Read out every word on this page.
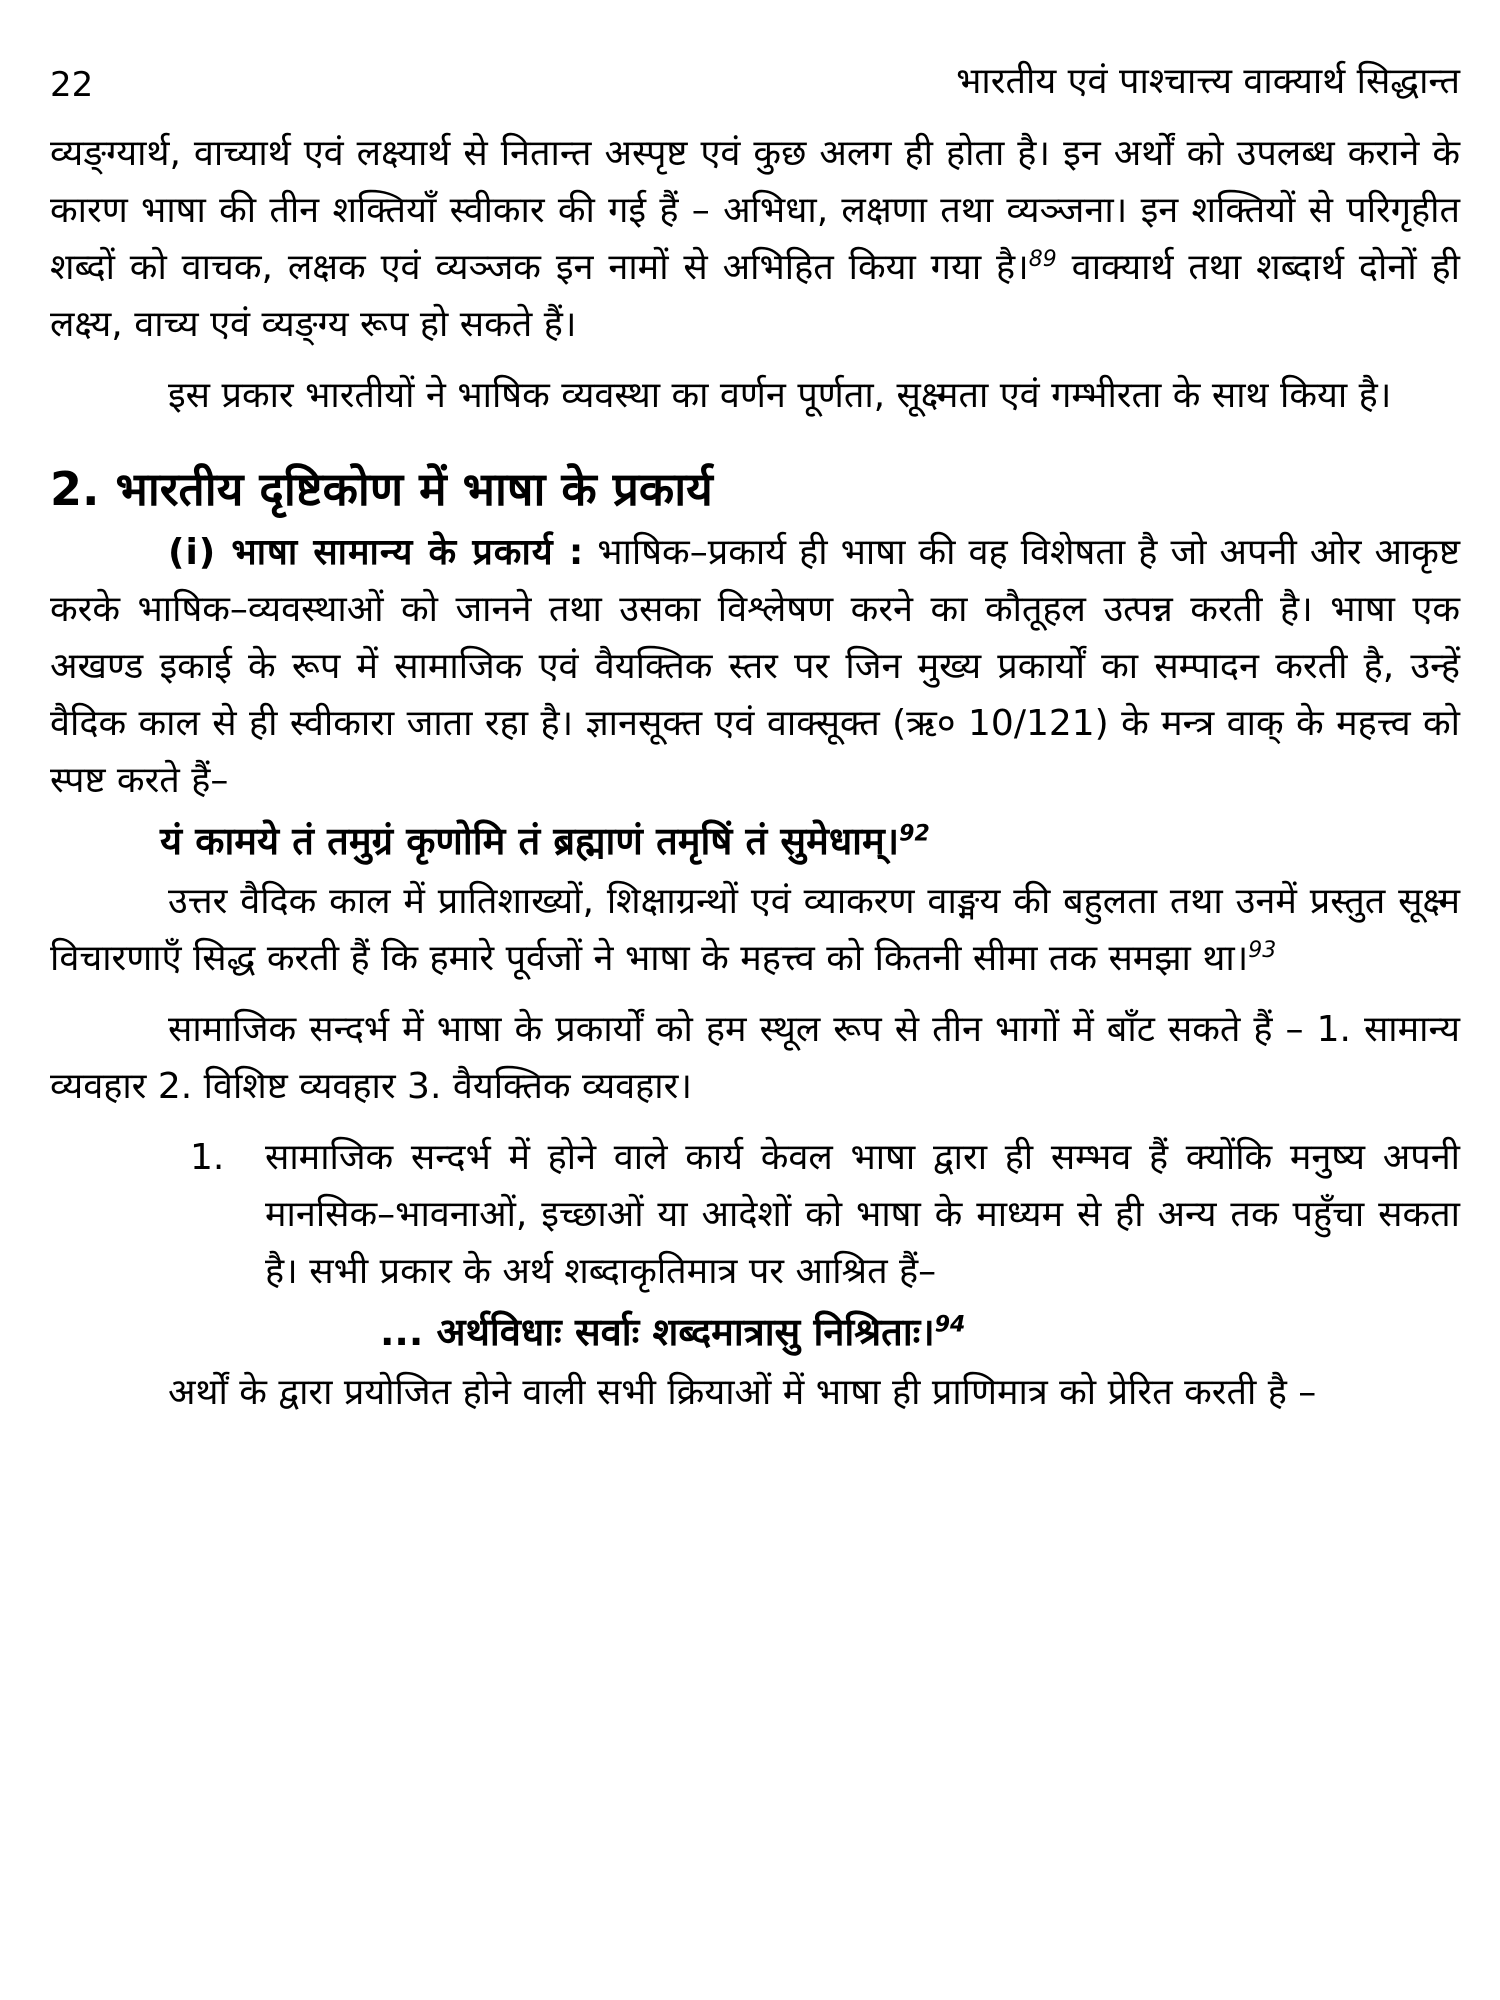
22	भारतीय एवं पाश्चात्त्य वाक्यार्थ सिद्धान्त

व्यङ्ग्यार्थ, वाच्यार्थ एवं लक्ष्यार्थ से नितान्त अस्पृष्ट एवं कुछ अलग ही होता है। इन अर्थों को उपलब्ध कराने के कारण भाषा की तीन शक्तियाँ स्वीकार की गई हैं – अभिधा, लक्षणा तथा व्यञ्जना। इन शक्तियों से परिगृहीत शब्दों को वाचक, लक्षक एवं व्यञ्जक इन नामों से अभिहित किया गया है।$^{89}$ वाक्यार्थ तथा शब्दार्थ दोनों ही लक्ष्य, वाच्य एवं व्यङ्ग्य रूप हो सकते हैं।

इस प्रकार भारतीयों ने भाषिक व्यवस्था का वर्णन पूर्णता, सूक्ष्मता एवं गम्भीरता के साथ किया है।

2. भारतीय दृष्टिकोण में भाषा के प्रकार्य

(i) भाषा सामान्य के प्रकार्य : भाषिक–प्रकार्य ही भाषा की वह विशेषता है जो अपनी ओर आकृष्ट करके भाषिक–व्यवस्थाओं को जानने तथा उसका विश्लेषण करने का कौतूहल उत्पन्न करती है। भाषा एक अखण्ड इकाई के रूप में सामाजिक एवं वैयक्तिक स्तर पर जिन मुख्य प्रकार्यों का सम्पादन करती है, उन्हें वैदिक काल से ही स्वीकारा जाता रहा है। ज्ञानसूक्त एवं वाक्सूक्त (ऋ० 10/121) के मन्त्र वाक् के महत्त्व को स्पष्ट करते हैं–

यं कामये तं तमुग्रं कृणोमि तं ब्रह्माणं तमृषिं तं सुमेधाम्।$^{92}$

उत्तर वैदिक काल में प्रातिशाख्यों, शिक्षाग्रन्थों एवं व्याकरण वाङ्मय की बहुलता तथा उनमें प्रस्तुत सूक्ष्म विचारणाएँ सिद्ध करती हैं कि हमारे पूर्वजों ने भाषा के महत्त्व को कितनी सीमा तक समझा था।$^{93}$

सामाजिक सन्दर्भ में भाषा के प्रकार्यों को हम स्थूल रूप से तीन भागों में बाँट सकते हैं – 1. सामान्य व्यवहार 2. विशिष्ट व्यवहार 3. वैयक्तिक व्यवहार।

1.	सामाजिक सन्दर्भ में होने वाले कार्य केवल भाषा द्वारा ही सम्भव हैं क्योंकि मनुष्य अपनी मानसिक–भावनाओं, इच्छाओं या आदेशों को भाषा के माध्यम से ही अन्य तक पहुँचा सकता है। सभी प्रकार के अर्थ शब्दाकृतिमात्र पर आश्रित हैं–

... अर्थविधाः सर्वाः शब्दमात्रासु निश्रिताः।$^{94}$

अर्थों के द्वारा प्रयोजित होने वाली सभी क्रियाओं में भाषा ही प्राणिमात्र को प्रेरित करती है –
